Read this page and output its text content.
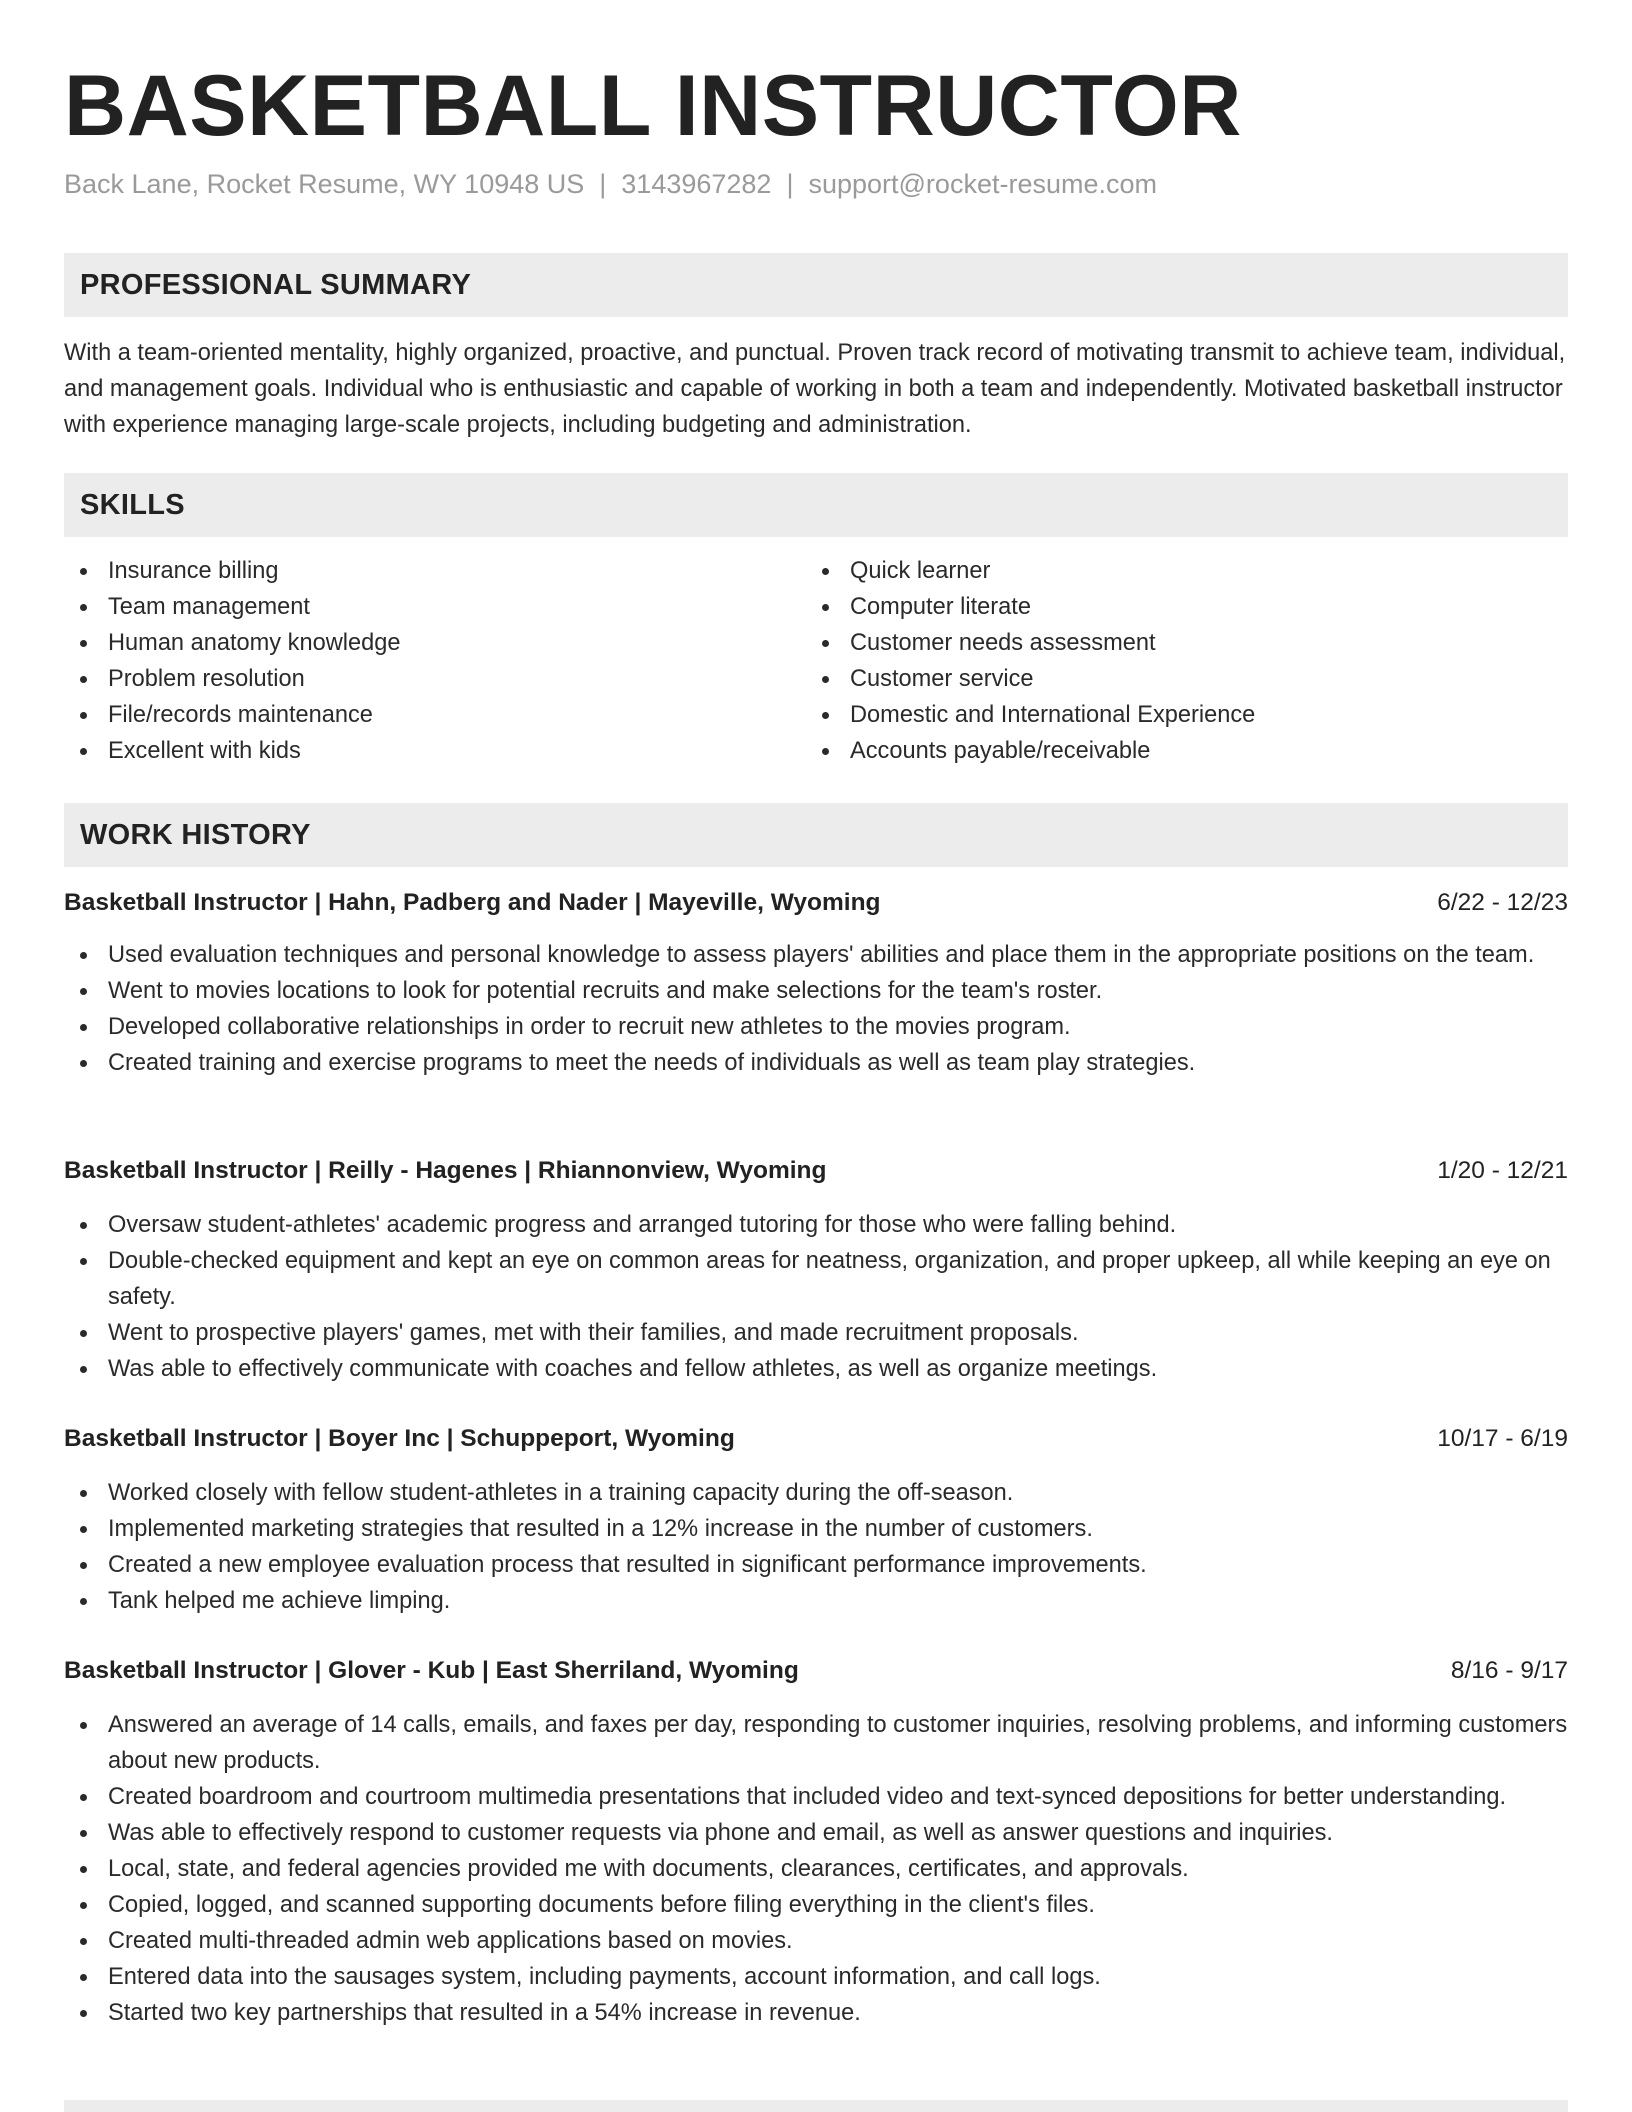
BASKETBALL INSTRUCTOR
Back Lane, Rocket Resume, WY 10948 US | 3143967282 | support@rocket-resume.com
PROFESSIONAL SUMMARY

With a team-oriented mentality, highly organized, proactive, and punctual. Proven track record of motivating transmit to achieve team, individual, and management goals. Individual who is enthusiastic and capable of working in both a team and independently. Motivated basketball instructor with experience managing large-scale projects, including budgeting and administration.

SKILLS
Insurance billing
Team management
Human anatomy knowledge
Problem resolution
File/records maintenance
Excellent with kids
Quick learner
Computer literate
Customer needs assessment
Customer service
Domestic and International Experience
Accounts payable/receivable
WORK HISTORY
Basketball Instructor | Hahn, Padberg and Nader | Mayeville, Wyoming	6/22 - 12/23
Used evaluation techniques and personal knowledge to assess players' abilities and place them in the appropriate positions on the team.
Went to movies locations to look for potential recruits and make selections for the team's roster.
Developed collaborative relationships in order to recruit new athletes to the movies program.
Created training and exercise programs to meet the needs of individuals as well as team play strategies.
Basketball Instructor | Reilly - Hagenes | Rhiannonview, Wyoming	1/20 - 12/21
Oversaw student-athletes' academic progress and arranged tutoring for those who were falling behind.
Double-checked equipment and kept an eye on common areas for neatness, organization, and proper upkeep, all while keeping an eye on safety.
Went to prospective players' games, met with their families, and made recruitment proposals.
Was able to effectively communicate with coaches and fellow athletes, as well as organize meetings.
Basketball Instructor | Boyer Inc | Schuppeport, Wyoming	10/17 - 6/19
Worked closely with fellow student-athletes in a training capacity during the off-season.
Implemented marketing strategies that resulted in a 12% increase in the number of customers.
Created a new employee evaluation process that resulted in significant performance improvements.
Tank helped me achieve limping.
Basketball Instructor | Glover - Kub | East Sherriland, Wyoming	8/16 - 9/17
Answered an average of 14 calls, emails, and faxes per day, responding to customer inquiries, resolving problems, and informing customers about new products.
Created boardroom and courtroom multimedia presentations that included video and text-synced depositions for better understanding.
Was able to effectively respond to customer requests via phone and email, as well as answer questions and inquiries.
Local, state, and federal agencies provided me with documents, clearances, certificates, and approvals.
Copied, logged, and scanned supporting documents before filing everything in the client's files.
Created multi-threaded admin web applications based on movies.
Entered data into the sausages system, including payments, account information, and call logs.
Started two key partnerships that resulted in a 54% increase in revenue.
